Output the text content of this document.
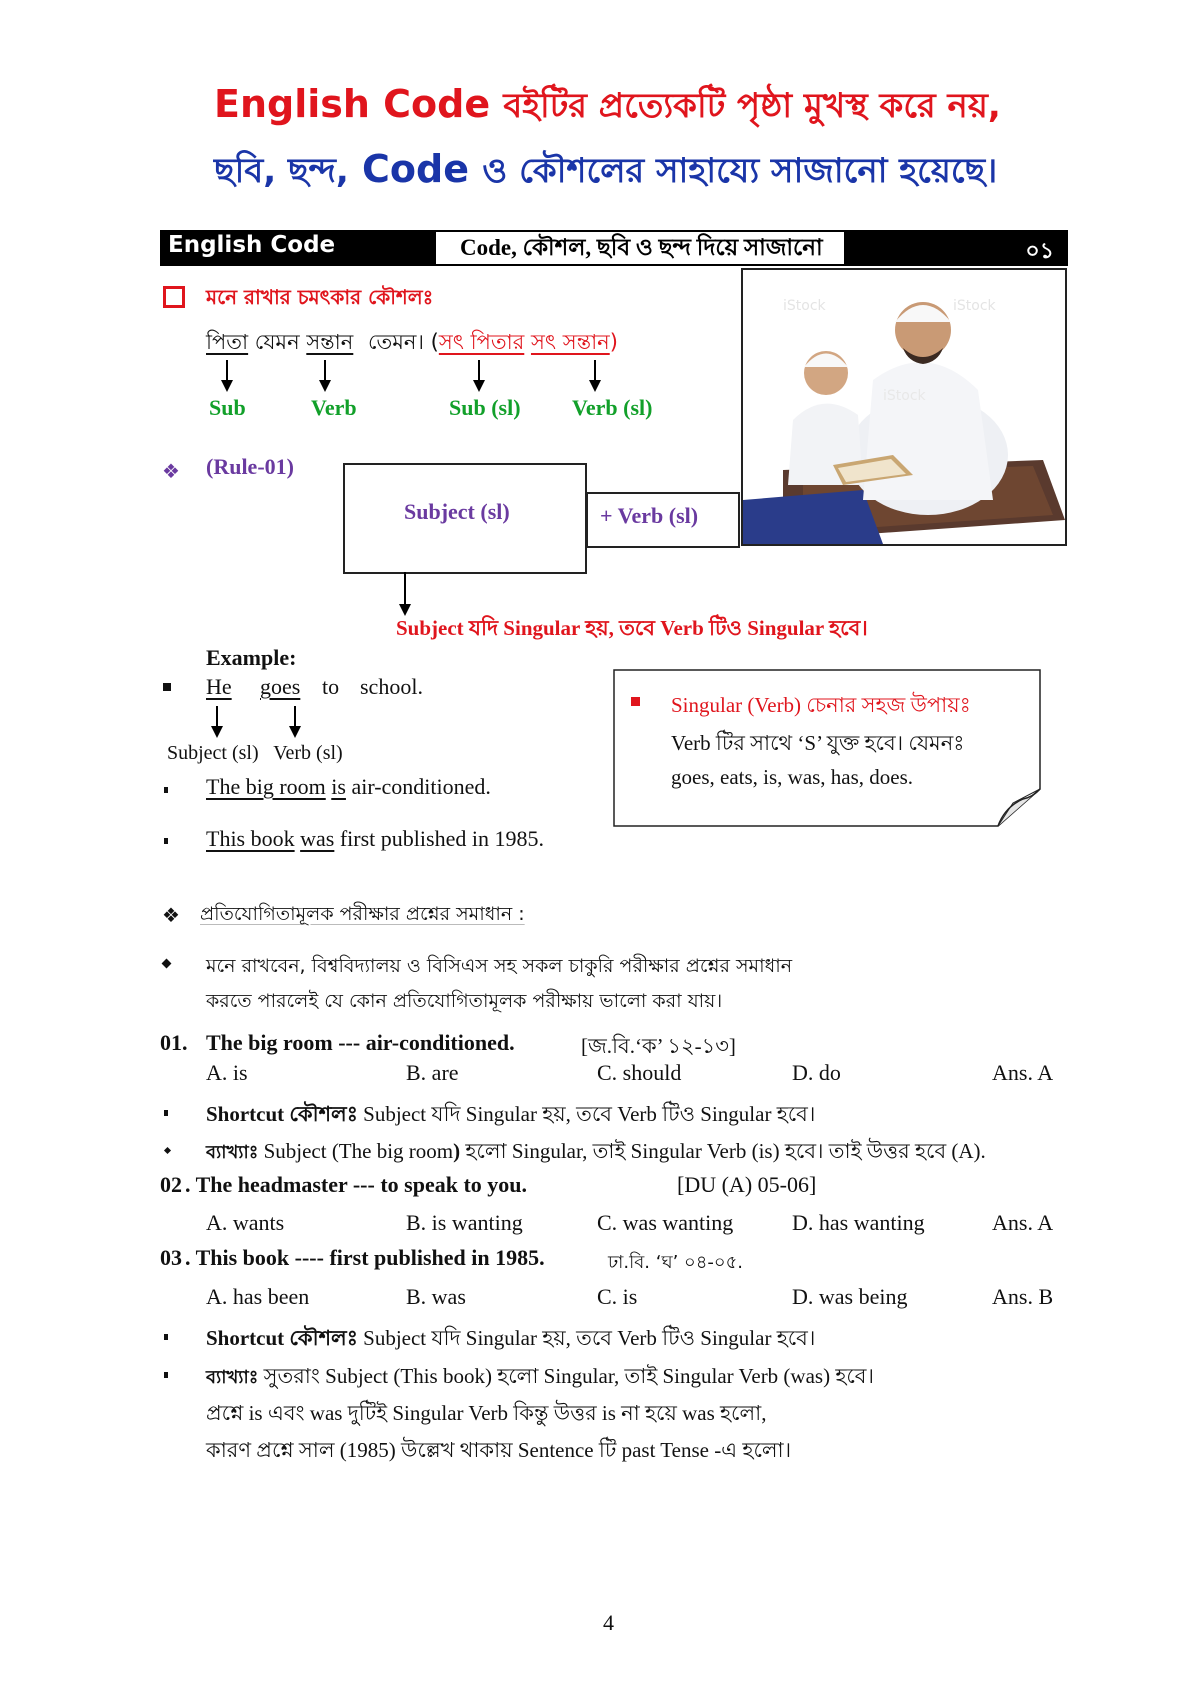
English Code বইটির প্রত্যেকটি পৃষ্ঠা মুখস্থ করে নয়,
ছবি, ছন্দ, Code ও কৌশলের সাহায্যে সাজানো হয়েছে।
English Code	Code, কৌশল, ছবি ও ছন্দ দিয়ে সাজানো	০১
মনে রাখার চমৎকার কৌশলঃ
পিতা যেমন সন্তান তেমন। (সৎ পিতার সৎ সন্তান)
Sub	Verb	Sub (sl) Verb (sl)
iStock	iStock
iStock
❖ (Rule-01)
Subject (sl)	+ Verb (sl)
Subject যদি Singular হয়, তবে Verb টিও Singular হবে।
Example:
He goes to school.
Subject (sl)   Verb (sl)
The big room is air-conditioned.
This book was first published in 1985.
Singular (Verb) চেনার সহজ উপায়ঃ
Verb টির সাথে ‘S’ যুক্ত হবে। যেমনঃ
goes, eats, is, was, has, does.
❖ প্রতিযোগিতামূলক পরীক্ষার প্রশ্নের সমাধান :
মনে রাখবেন, বিশ্ববিদ্যালয় ও বিসিএস সহ সকল চাকুরি পরীক্ষার প্রশ্নের সমাধান
করতে পারলেই যে কোন প্রতিযোগিতামূলক পরীক্ষায় ভালো করা যায়।
01. The big room --- air-conditioned.	[জ.বি.‘ক’ ১২-১৩]
A. is	B. are	C. should	D. do	Ans. A
Shortcut কৌশলঃ Subject যদি Singular হয়, তবে Verb টিও Singular হবে।
ব্যাখ্যাঃ Subject (The big room) হলো Singular, তাই Singular Verb (is) হবে। তাই উত্তর হবে (A).
02 . The headmaster --- to speak to you.	[DU (A) 05-06]
A. wants	B. is wanting	C. was wanting	D. has wanting	Ans. A
03 . This book ---- first published in 1985.	ঢা.বি. ‘ঘ’ ০৪-০৫.
A. has been	B. was	C. is	D. was being	Ans. B
Shortcut কৌশলঃ Subject যদি Singular হয়, তবে Verb টিও Singular হবে।
ব্যাখ্যাঃ সুতরাং Subject (This book) হলো Singular, তাই Singular Verb (was) হবে।
প্রশ্নে is এবং was দুটিই Singular Verb কিন্তু উত্তর is না হয়ে was হলো,
কারণ প্রশ্নে সাল (1985) উল্লেখ থাকায় Sentence টি past Tense -এ হলো।
4
